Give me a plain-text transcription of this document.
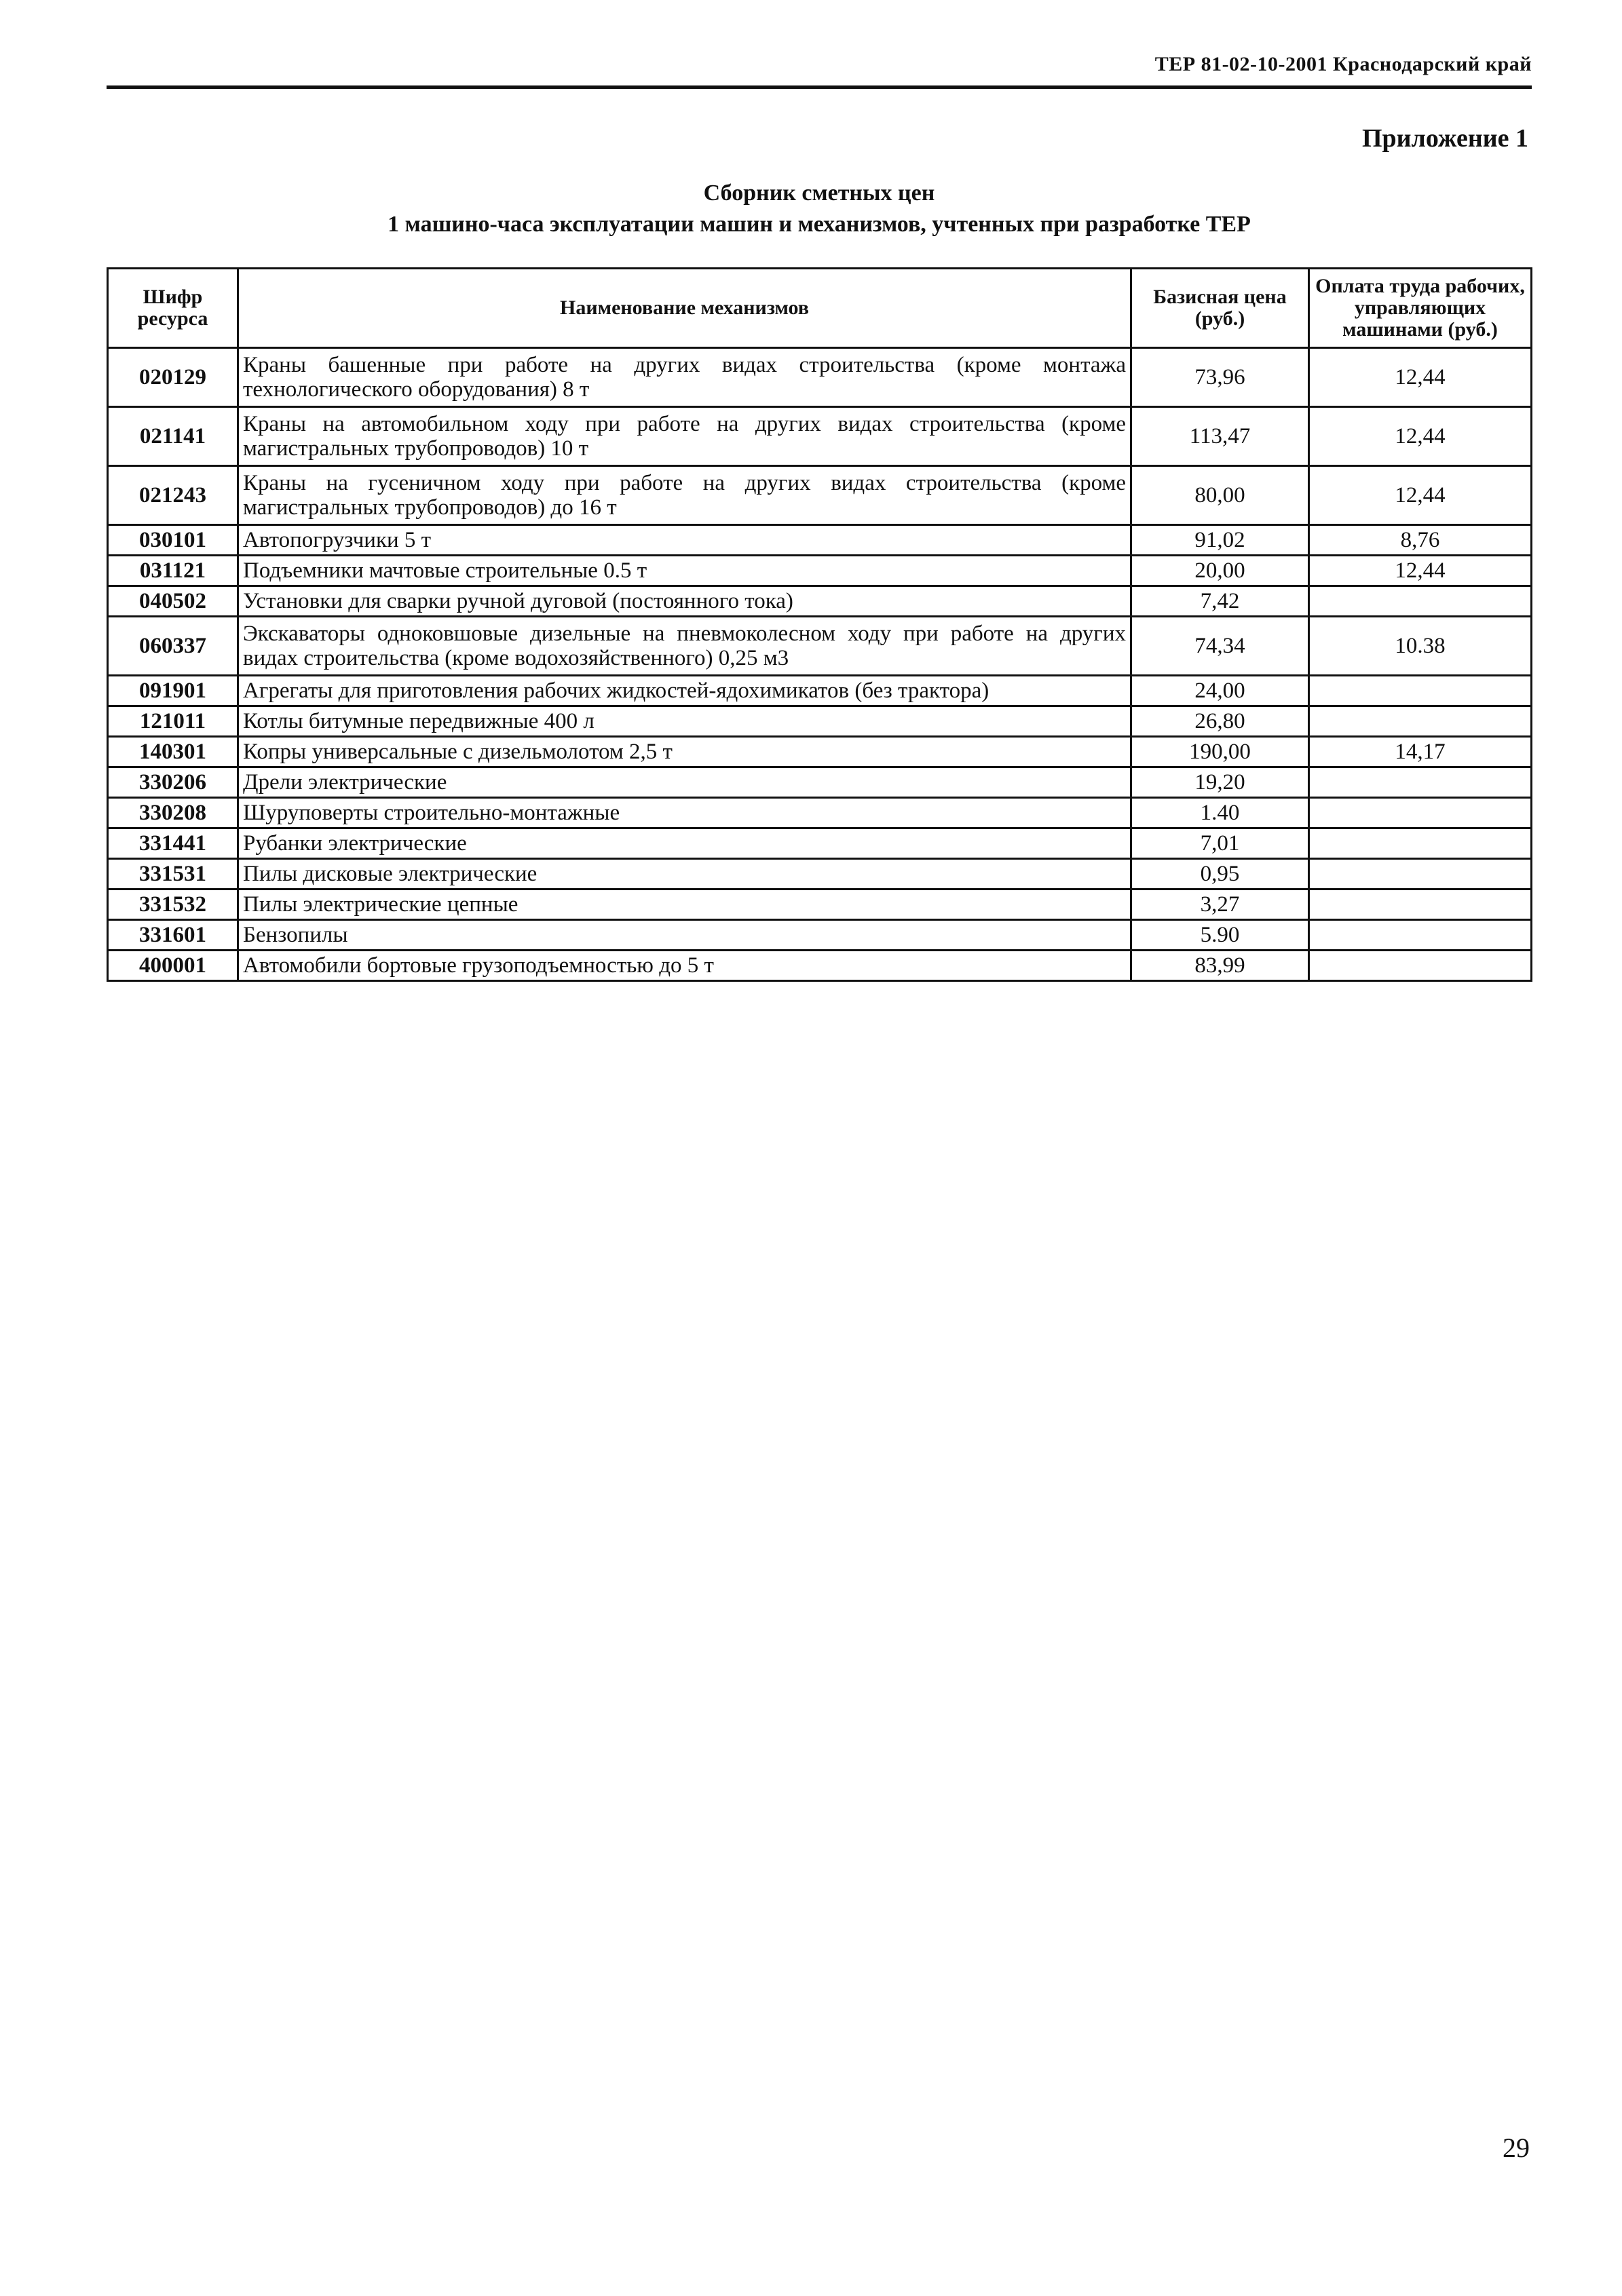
ТЕР 81-02-10-2001 Краснодарский край
Приложение 1
Сборник сметных цен
1 машино-часа эксплуатации машин и механизмов, учтенных при разработке ТЕР
Шифр ресурса	Наименование механизмов	Базисная цена (руб.)	Оплата труда рабочих, управляющих машинами (руб.)
020129	Краны башенные при работе на других видах строительства (кроме монтажа технологического оборудования) 8 т	73,96	12,44
021141	Краны на автомобильном ходу при работе на других видах строительства (кроме магистральных трубопроводов) 10 т	113,47	12,44
021243	Краны на гусеничном ходу при работе на других видах строительства (кроме магистральных трубопроводов) до 16 т	80,00	12,44
030101	Автопогрузчики 5 т	91,02	8,76
031121	Подъемники мачтовые строительные 0.5 т	20,00	12,44
040502	Установки для сварки ручной дуговой (постоянного тока)	7,42	
060337	Экскаваторы одноковшовые дизельные на пневмоколесном ходу при работе на других видах строительства (кроме водохозяйственного) 0,25 м3	74,34	10.38
091901	Агрегаты для приготовления рабочих жидкостей-ядохимикатов (без трактора)	24,00	
121011	Котлы битумные передвижные 400 л	26,80	
140301	Копры универсальные с дизельмолотом 2,5 т	190,00	14,17
330206	Дрели электрические	19,20	
330208	Шуруповерты строительно-монтажные	1.40	
331441	Рубанки электрические	7,01	
331531	Пилы дисковые электрические	0,95	
331532	Пилы электрические цепные	3,27	
331601	Бензопилы	5.90	
400001	Автомобили бортовые грузоподъемностью до 5 т	83,99	
29
